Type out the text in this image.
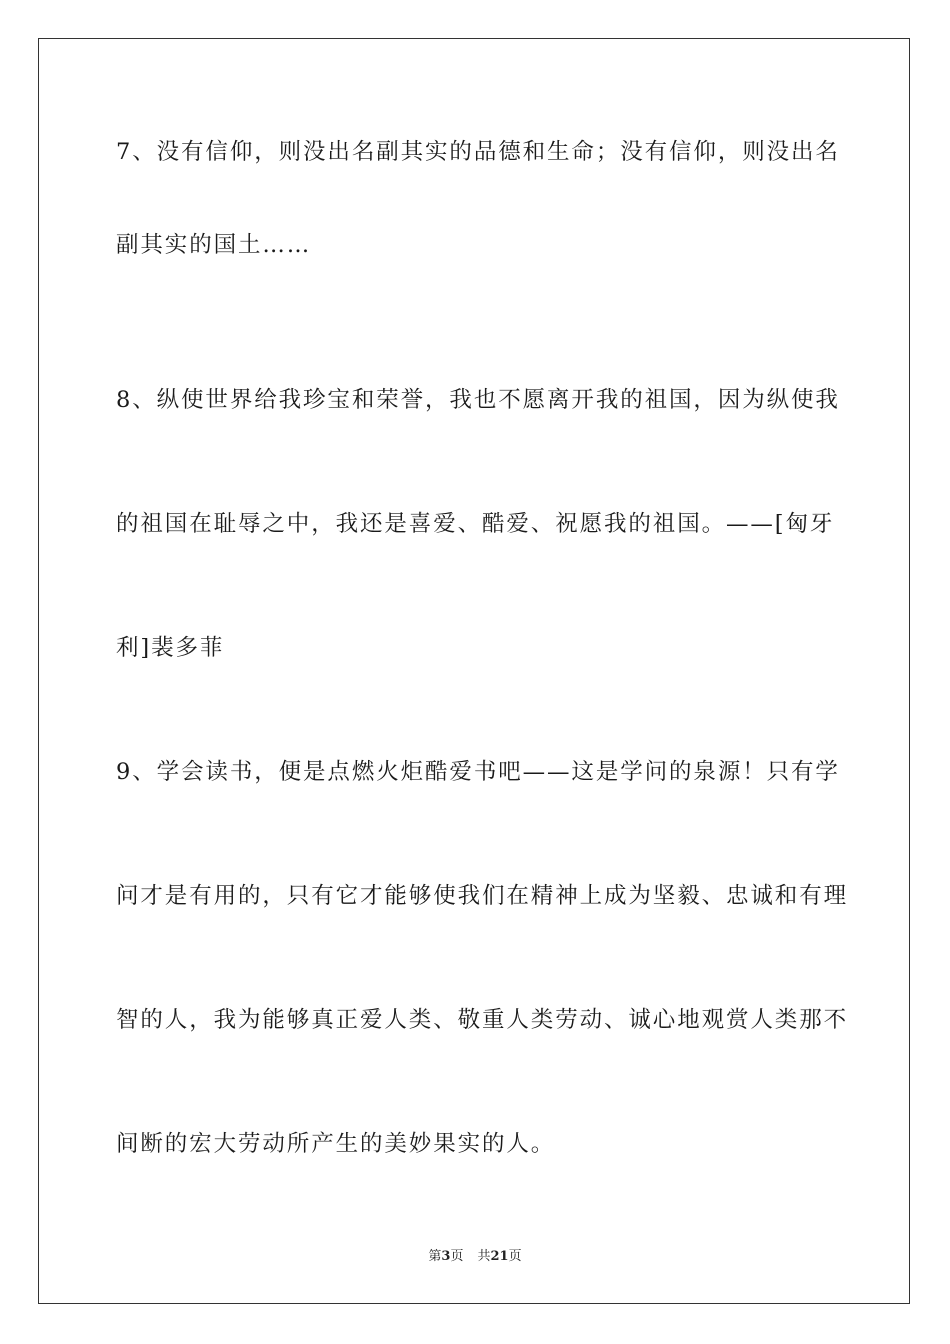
7、没有信仰，则没出名副其实的品德和生命；没有信仰，则没出名
副其实的国土……
8、纵使世界给我珍宝和荣誉，我也不愿离开我的祖国，因为纵使我
的祖国在耻辱之中，我还是喜爱、酷爱、祝愿我的祖国。——[匈牙
利]裴多菲
9、学会读书，便是点燃火炬酷爱书吧——这是学问的泉源！只有学
问才是有用的，只有它才能够使我们在精神上成为坚毅、忠诚和有理
智的人，我为能够真正爱人类、敬重人类劳动、诚心地观赏人类那不
间断的宏大劳动所产生的美妙果实的人。
第3页 共21页
